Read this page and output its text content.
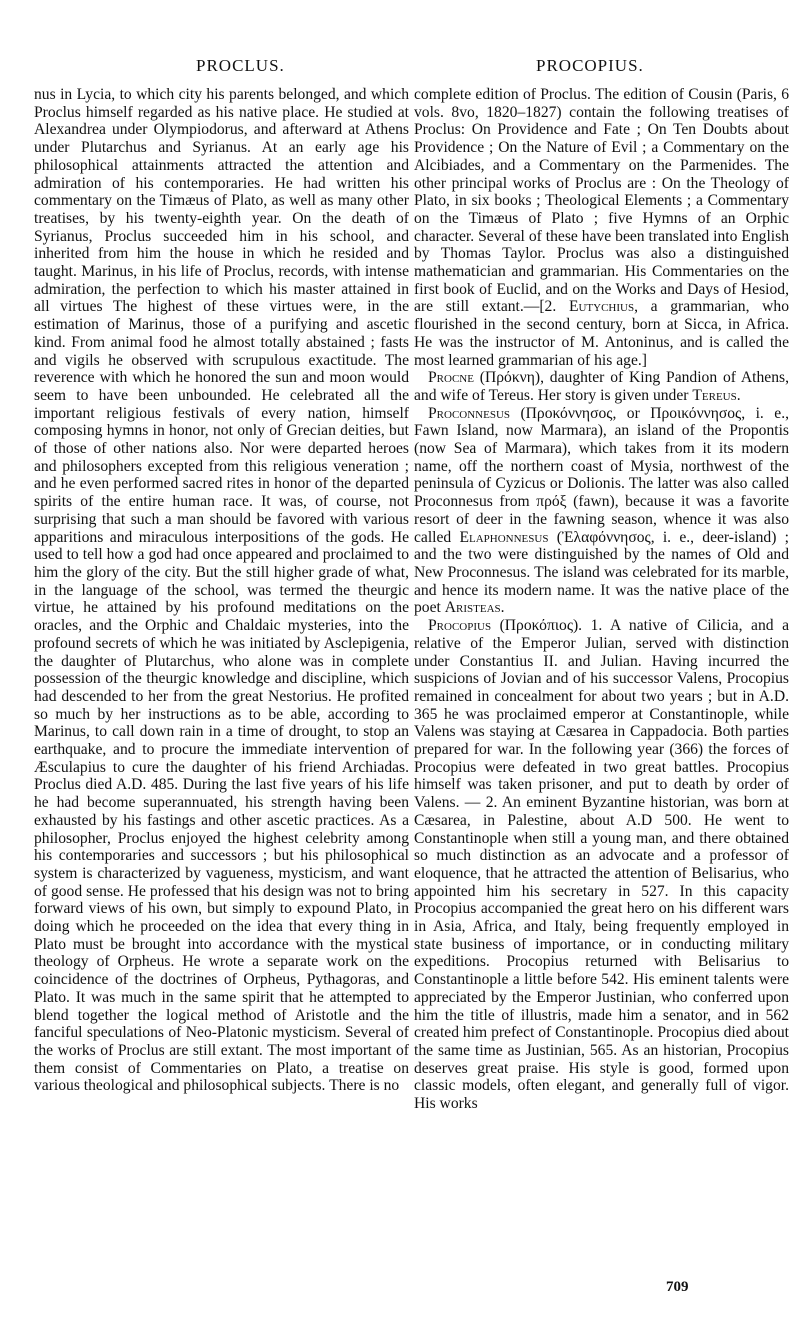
PROCLUS.	PROCOPIUS.

nus in Lycia, to which city his parents belonged, and which Proclus himself regarded as his native place. He studied at Alexandrea under Olympiodorus, and afterward at Athens under Plutarchus and Syrianus. At an early age his philosophical attainments attracted the attention and admiration of his contemporaries. He had written his commentary on the Timæus of Plato, as well as many other treatises, by his twenty-eighth year. On the death of Syrianus, Proclus succeeded him in his school, and inherited from him the house in which he resided and taught. Marinus, in his life of Proclus, records, with intense admiration, the perfection to which his master attained in all virtues The highest of these virtues were, in the estimation of Marinus, those of a purifying and ascetic kind. From animal food he almost totally abstained ; fasts and vigils he observed with scrupulous exactitude. The reverence with which he honored the sun and moon would seem to have been unbounded. He celebrated all the important religious festivals of every nation, himself composing hymns in honor, not only of Grecian deities, but of those of other nations also. Nor were departed heroes and philosophers excepted from this religious veneration ; and he even performed sacred rites in honor of the departed spirits of the entire human race. It was, of course, not surprising that such a man should be favored with various apparitions and miraculous interpositions of the gods. He used to tell how a god had once appeared and proclaimed to him the glory of the city. But the still higher grade of what, in the language of the school, was termed the theurgic virtue, he attained by his profound meditations on the oracles, and the Orphic and Chaldaic mysteries, into the profound secrets of which he was initiated by Asclepigenia, the daughter of Plutarchus, who alone was in complete possession of the theurgic knowledge and discipline, which had descended to her from the great Nestorius. He profited so much by her instructions as to be able, according to Marinus, to call down rain in a time of drought, to stop an earthquake, and to procure the immediate intervention of Æsculapius to cure the daughter of his friend Archiadas. Proclus died A.D. 485. During the last five years of his life he had become superannuated, his strength having been exhausted by his fastings and other ascetic practices. As a philosopher, Proclus enjoyed the highest celebrity among his contemporaries and successors ; but his philosophical system is characterized by vagueness, mysticism, and want of good sense. He professed that his design was not to bring forward views of his own, but simply to expound Plato, in doing which he proceeded on the idea that every thing in Plato must be brought into accordance with the mystical theology of Orpheus. He wrote a separate work on the coincidence of the doctrines of Orpheus, Pythagoras, and Plato. It was much in the same spirit that he attempted to blend together the logical method of Aristotle and the fanciful speculations of Neo-Platonic mysticism. Several of the works of Proclus are still extant. The most important of them consist of Commentaries on Plato, a treatise on various theological and philosophical subjects. There is no

complete edition of Proclus. The edition of Cousin (Paris, 6 vols. 8vo, 1820–1827) contain the following treatises of Proclus: On Providence and Fate ; On Ten Doubts about Providence ; On the Nature of Evil ; a Commentary on the Alcibiades, and a Commentary on the Parmenides. The other principal works of Proclus are : On the Theology of Plato, in six books ; Theological Elements ; a Commentary on the Timæus of Plato ; five Hymns of an Orphic character. Several of these have been translated into English by Thomas Taylor. Proclus was also a distinguished mathematician and grammarian. His Commentaries on the first book of Euclid, and on the Works and Days of Hesiod, are still extant.—[2. Eutychius, a grammarian, who flourished in the second century, born at Sicca, in Africa. He was the instructor of M. Antoninus, and is called the most learned grammarian of his age.]

Procne (Πρόκνη), daughter of King Pandion of Athens, and wife of Tereus. Her story is given under Tereus.

Proconnesus (Προκόννησος, or Προικόννησος, i. e., Fawn Island, now Marmara), an island of the Propontis (now Sea of Marmara), which takes from it its modern name, off the northern coast of Mysia, northwest of the peninsula of Cyzicus or Dolionis. The latter was also called Proconnesus from πρόξ (fawn), because it was a favorite resort of deer in the fawning season, whence it was also called Elaphonnesus (Ἐλαφόννησος, i. e., deer-island) ; and the two were distinguished by the names of Old and New Proconnesus. The island was celebrated for its marble, and hence its modern name. It was the native place of the poet Aristeas.

Procopius (Προκόπιος). 1. A native of Cilicia, and a relative of the Emperor Julian, served with distinction under Constantius II. and Julian. Having incurred the suspicions of Jovian and of his successor Valens, Procopius remained in concealment for about two years ; but in A.D. 365 he was proclaimed emperor at Constantinople, while Valens was staying at Cæsarea in Cappadocia. Both parties prepared for war. In the following year (366) the forces of Procopius were defeated in two great battles. Procopius himself was taken prisoner, and put to death by order of Valens. — 2. An eminent Byzantine historian, was born at Cæsarea, in Palestine, about A.D 500. He went to Constantinople when still a young man, and there obtained so much distinction as an advocate and a professor of eloquence, that he attracted the attention of Belisarius, who appointed him his secretary in 527. In this capacity Procopius accompanied the great hero on his different wars in Asia, Africa, and Italy, being frequently employed in state business of importance, or in conducting military expeditions. Procopius returned with Belisarius to Constantinople a little before 542. His eminent talents were appreciated by the Emperor Justinian, who conferred upon him the title of illustris, made him a senator, and in 562 created him prefect of Constantinople. Procopius died about the same time as Justinian, 565. As an historian, Procopius deserves great praise. His style is good, formed upon classic models, often elegant, and generally full of vigor. His works

709
